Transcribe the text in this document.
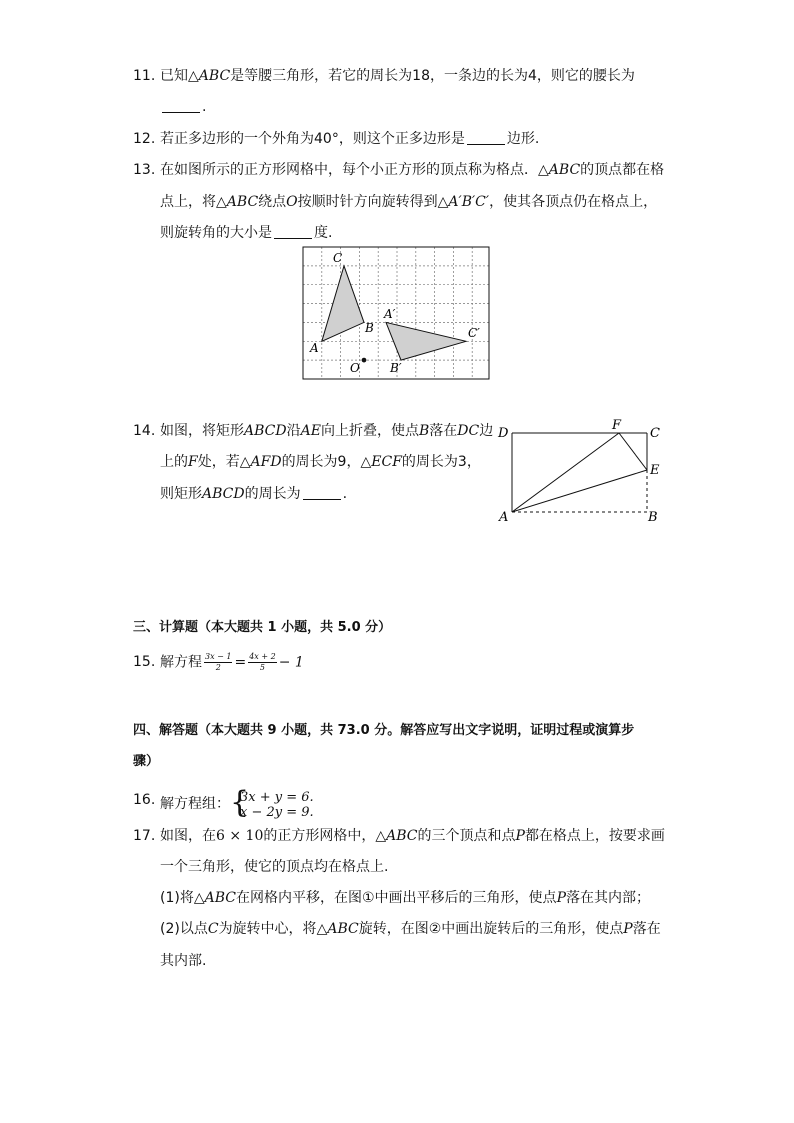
11. 已知△ABC是等腰三角形，若它的周长为18，一条边的长为4，则它的腰长为
.
12. 若正多边形的一个外角为40°，则这个正多边形是	边形.
13. 在如图所示的正方形网格中，每个小正方形的顶点称为格点．△ABC的顶点都在格
点上，将△ABC绕点O按顺时针方向旋转得到△A′B′C′，使其各顶点仍在格点上，
则旋转角的大小是	度.
C
B
A
O
A′
B′
C′
14. 如图，将矩形ABCD沿AE向上折叠，使点B落在DC边
上的F处，若△AFD的周长为9，△ECF的周长为3，
则矩形ABCD的周长为	.
D
F
C
E
A	B
三、计算题（本大题共 1 小题，共 5.0 分）
15. 解方程 $\frac{3x - 1}{2} = \frac{4x + 2}{5} - 1$
四、解答题（本大题共 9 小题，共 73.0 分。解答应写出文字说明，证明过程或演算步
骤）
16. 解方程组： {
3x + y = 6.
x − 2y = 9.
17. 如图，在6 × 10的正方形网格中，△ABC的三个顶点和点P都在格点上，按要求画
一个三角形，使它的顶点均在格点上.
(1)将△ABC在网格内平移，在图①中画出平移后的三角形，使点P落在其内部；
(2)以点C为旋转中心，将△ABC旋转，在图②中画出旋转后的三角形，使点P落在
其内部.
